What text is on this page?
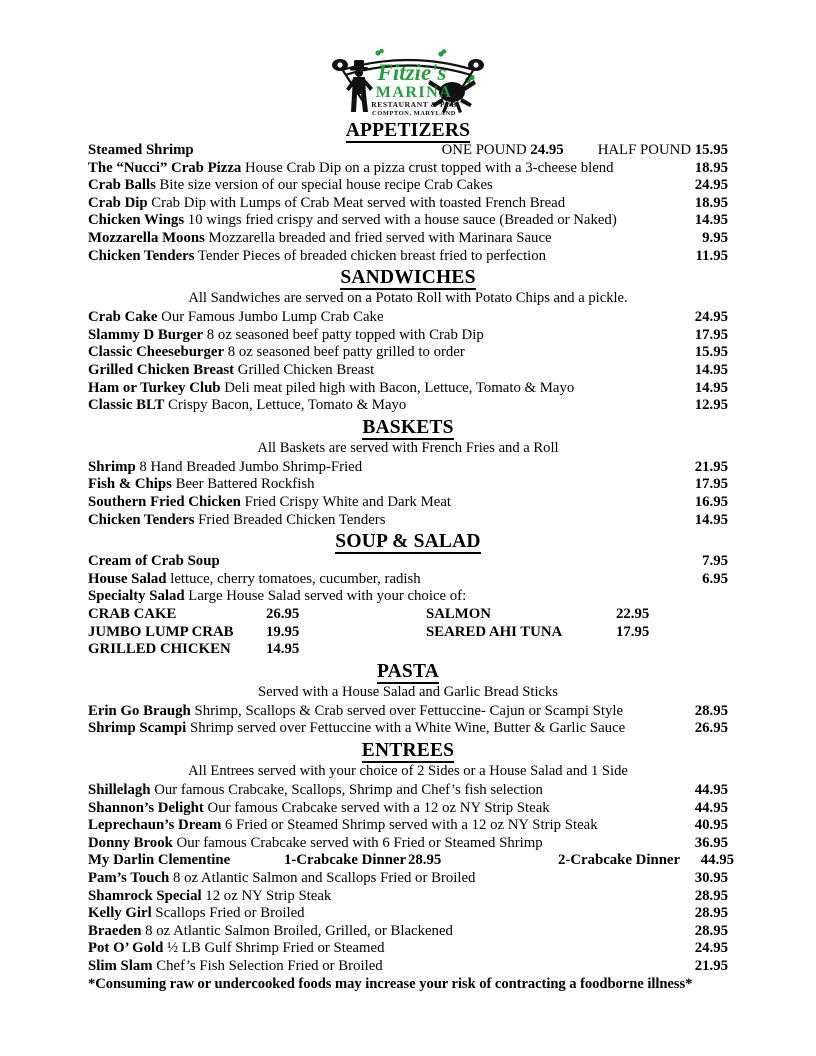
Fitzie's
MARINA
RESTAURANT & PUB
COMPTON, MARYLAND
APPETIZERS
Steamed Shrimp	ONE POUND 24.95 HALF POUND 15.95
The “Nucci” Crab Pizza House Crab Dip on a pizza crust topped with a 3-cheese blend	18.95
Crab Balls Bite size version of our special house recipe Crab Cakes	24.95
Crab Dip Crab Dip with Lumps of Crab Meat served with toasted French Bread	18.95
Chicken Wings 10 wings fried crispy and served with a house sauce (Breaded or Naked)	14.95
Mozzarella Moons Mozzarella breaded and fried served with Marinara Sauce	9.95
Chicken Tenders Tender Pieces of breaded chicken breast fried to perfection	11.95
SANDWICHES
All Sandwiches are served on a Potato Roll with Potato Chips and a pickle.
Crab Cake Our Famous Jumbo Lump Crab Cake	24.95
Slammy D Burger 8 oz seasoned beef patty topped with Crab Dip	17.95
Classic Cheeseburger 8 oz seasoned beef patty grilled to order	15.95
Grilled Chicken Breast Grilled Chicken Breast	14.95
Ham or Turkey Club Deli meat piled high with Bacon, Lettuce, Tomato & Mayo	14.95
Classic BLT Crispy Bacon, Lettuce, Tomato & Mayo	12.95
BASKETS
All Baskets are served with French Fries and a Roll
Shrimp 8 Hand Breaded Jumbo Shrimp-Fried	21.95
Fish & Chips Beer Battered Rockfish	17.95
Southern Fried Chicken Fried Crispy White and Dark Meat	16.95
Chicken Tenders Fried Breaded Chicken Tenders	14.95
SOUP & SALAD
Cream of Crab Soup	7.95
House Salad lettuce, cherry tomatoes, cucumber, radish	6.95
Specialty Salad Large House Salad served with your choice of:
CRAB CAKE	26.95	SALMON	22.95
JUMBO LUMP CRAB	19.95	SEARED AHI TUNA	17.95
GRILLED CHICKEN	14.95
PASTA
Served with a House Salad and Garlic Bread Sticks
Erin Go Braugh Shrimp, Scallops & Crab served over Fettuccine- Cajun or Scampi Style	28.95
Shrimp Scampi Shrimp served over Fettuccine with a White Wine, Butter & Garlic Sauce	26.95
ENTREES
All Entrees served with your choice of 2 Sides or a House Salad and 1 Side
Shillelagh Our famous Crabcake, Scallops, Shrimp and Chef’s fish selection	44.95
Shannon’s Delight Our famous Crabcake served with a 12 oz NY Strip Steak	44.95
Leprechaun’s Dream 6 Fried or Steamed Shrimp served with a 12 oz NY Strip Steak	40.95
Donny Brook Our famous Crabcake served with 6 Fried or Steamed Shrimp	36.95
My Darlin Clementine	1-Crabcake Dinner 28.95	2-Crabcake Dinner	44.95
Pam’s Touch 8 oz Atlantic Salmon and Scallops Fried or Broiled	30.95
Shamrock Special 12 oz NY Strip Steak	28.95
Kelly Girl Scallops Fried or Broiled	28.95
Braeden 8 oz Atlantic Salmon Broiled, Grilled, or Blackened	28.95
Pot O’ Gold ½ LB Gulf Shrimp Fried or Steamed	24.95
Slim Slam Chef’s Fish Selection Fried or Broiled	21.95
*Consuming raw or undercooked foods may increase your risk of contracting a foodborne illness*
